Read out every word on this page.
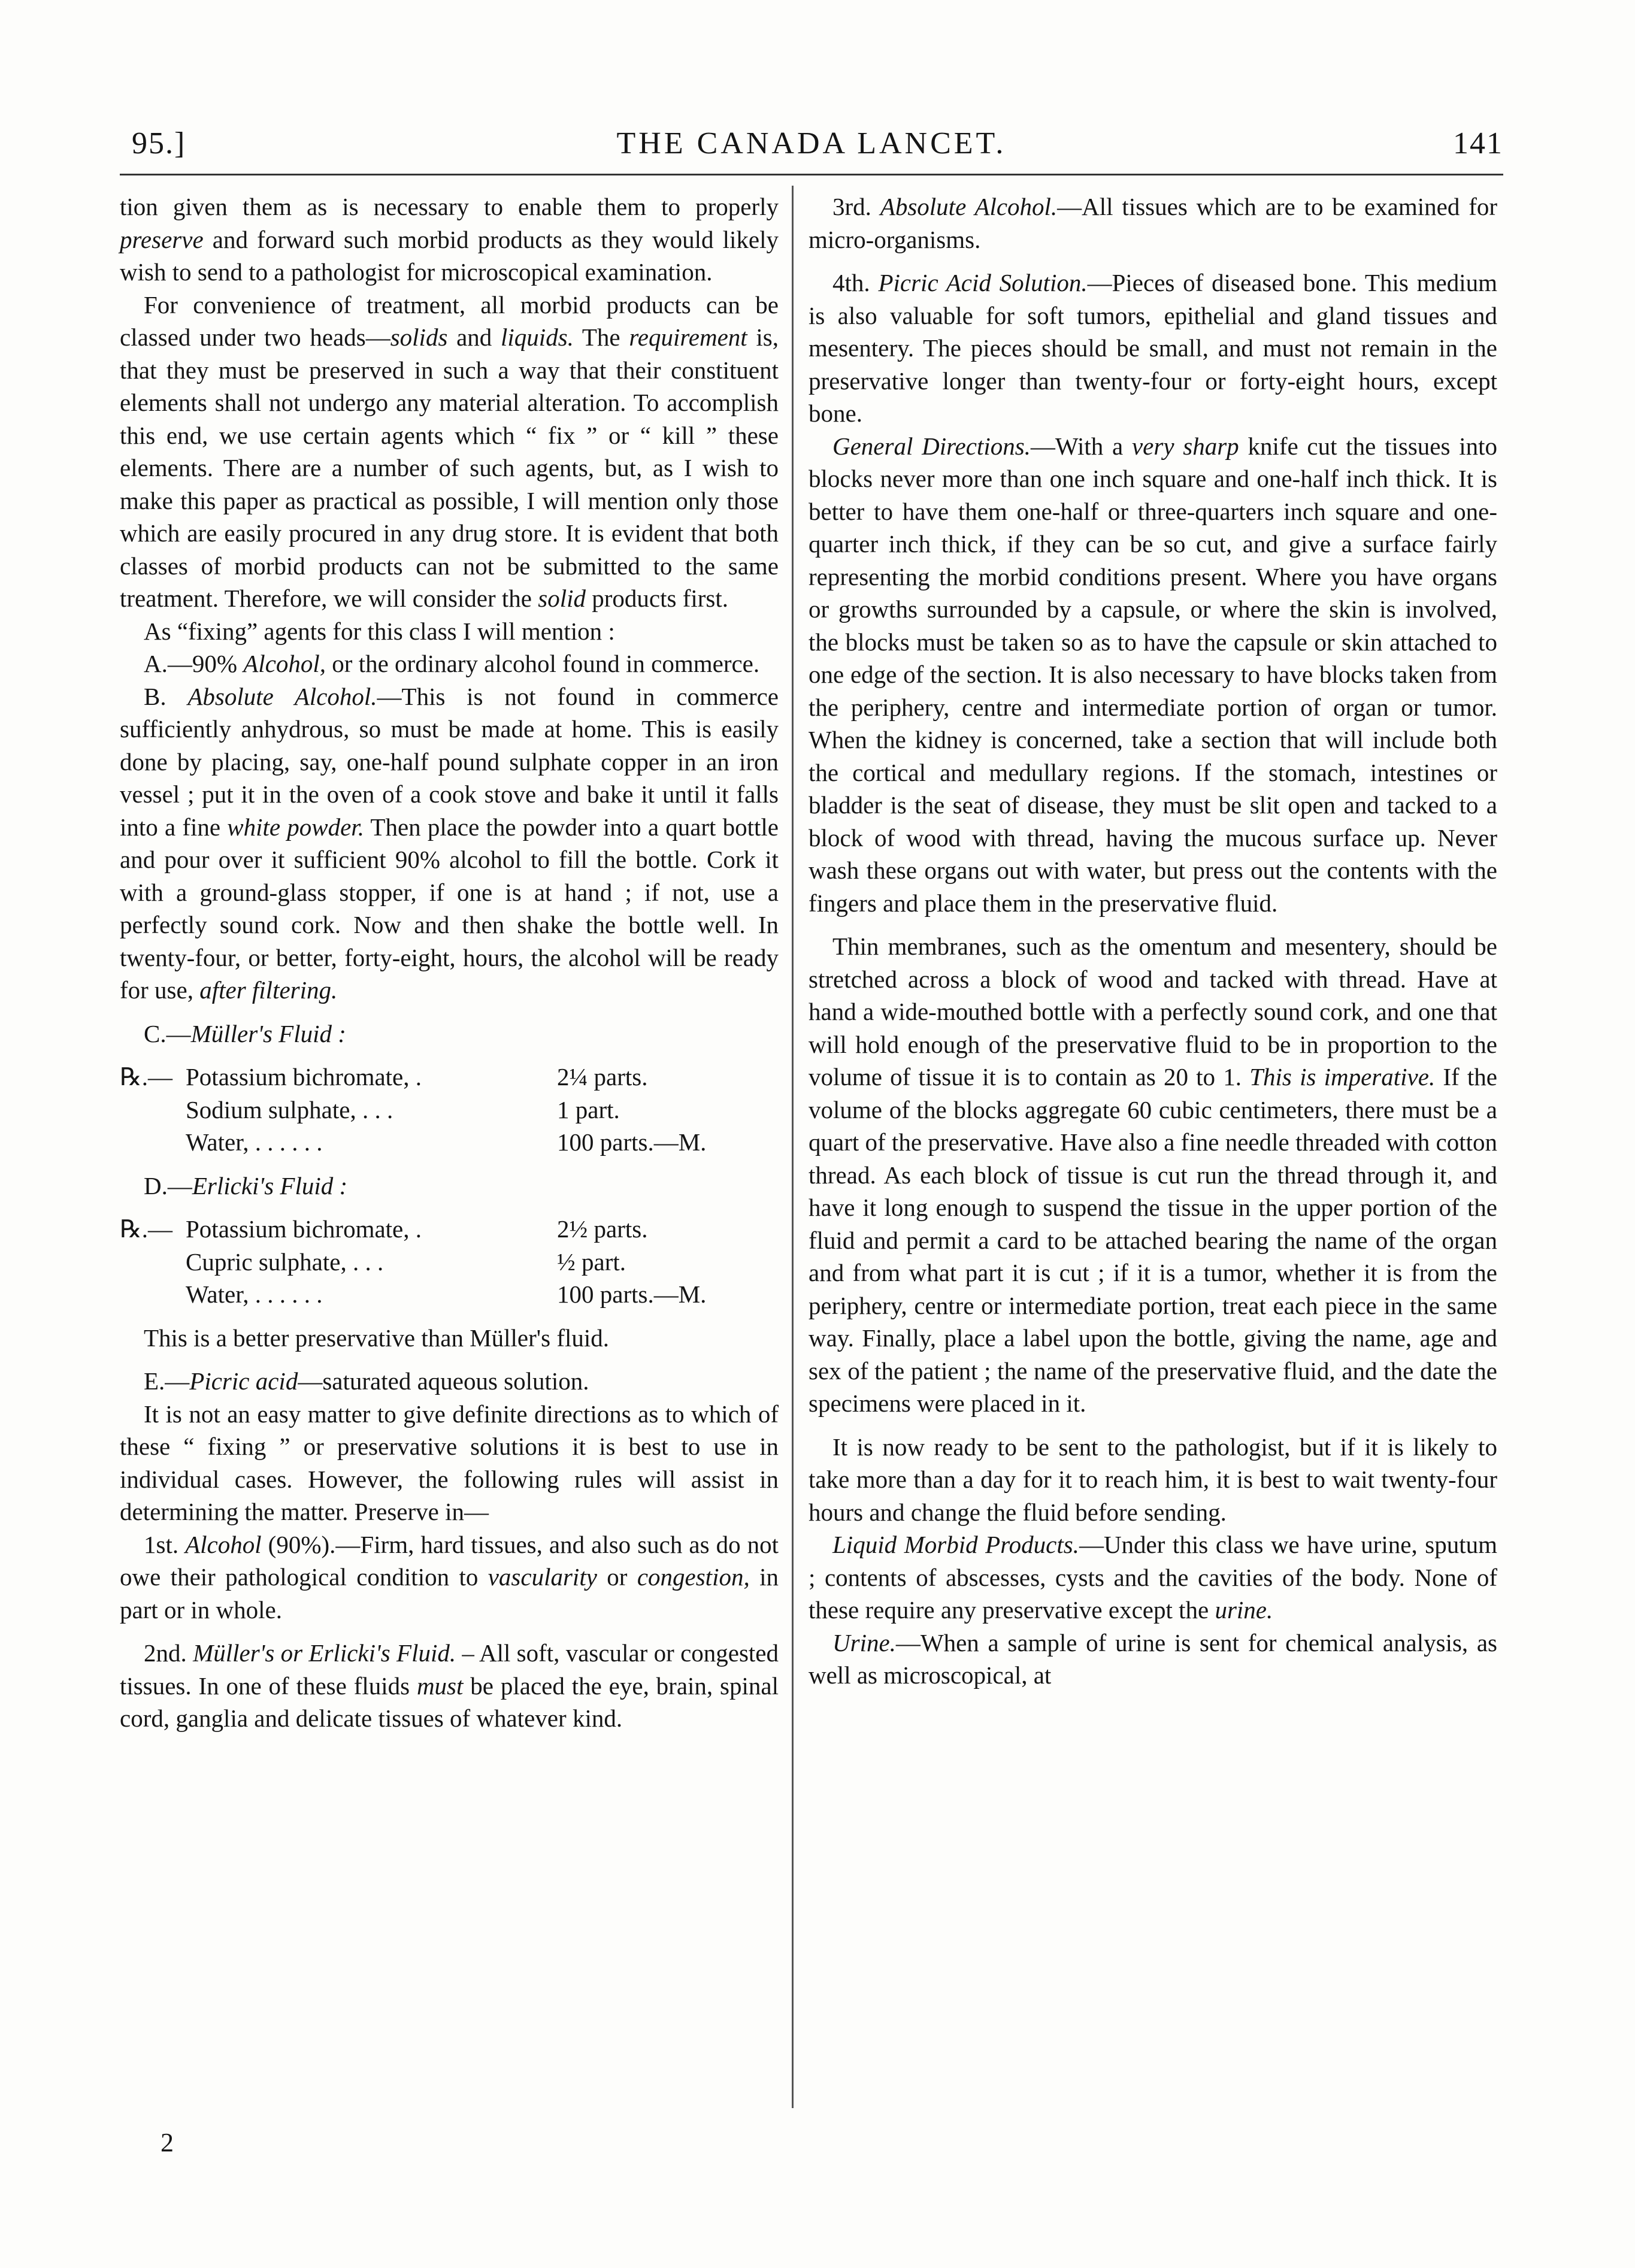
95.]	THE CANADA LANCET.	141

tion given them as is necessary to enable them to properly preserve and forward such morbid products as they would likely wish to send to a pathologist for microscopical examination.

For convenience of treatment, all morbid products can be classed under two heads—solids and liquids. The requirement is, that they must be preserved in such a way that their constituent elements shall not undergo any material alteration. To accomplish this end, we use certain agents which “ fix ” or “ kill ” these elements. There are a number of such agents, but, as I wish to make this paper as practical as possible, I will mention only those which are easily procured in any drug store. It is evident that both classes of morbid products can not be submitted to the same treatment. Therefore, we will consider the solid products first.

As “fixing” agents for this class I will mention :

A.—90% Alcohol, or the ordinary alcohol found in commerce.

B. Absolute Alcohol.—This is not found in commerce sufficiently anhydrous, so must be made at home. This is easily done by placing, say, one-half pound sulphate copper in an iron vessel ; put it in the oven of a cook stove and bake it until it falls into a fine white powder. Then place the powder into a quart bottle and pour over it sufficient 90% alcohol to fill the bottle. Cork it with a ground-glass stopper, if one is at hand ; if not, use a perfectly sound cork. Now and then shake the bottle well. In twenty-four, or better, forty-eight, hours, the alcohol will be ready for use, after filtering.

C.—Müller's Fluid :

℞.— Potassium bichromate, .	2¼ parts.
Sodium sulphate, . . .	1 part.
Water, . . . . . .	100 parts.—M.

D.—Erlicki's Fluid :

℞.— Potassium bichromate, .	2½ parts.
Cupric sulphate, . . .	½ part.
Water, . . . . . .	100 parts.—M.

This is a better preservative than Müller's fluid.

E.—Picric acid—saturated aqueous solution.

It is not an easy matter to give definite directions as to which of these “ fixing ” or preservative solutions it is best to use in individual cases. However, the following rules will assist in determining the matter. Preserve in—

1st. Alcohol (90%).—Firm, hard tissues, and also such as do not owe their pathological condition to vascularity or congestion, in part or in whole.

2nd. Müller's or Erlicki's Fluid. – All soft, vascular or congested tissues. In one of these fluids must be placed the eye, brain, spinal cord, ganglia and delicate tissues of whatever kind.

3rd. Absolute Alcohol.—All tissues which are to be examined for micro-organisms.

4th. Picric Acid Solution.—Pieces of diseased bone. This medium is also valuable for soft tumors, epithelial and gland tissues and mesentery. The pieces should be small, and must not remain in the preservative longer than twenty-four or forty-eight hours, except bone.

General Directions.—With a very sharp knife cut the tissues into blocks never more than one inch square and one-half inch thick. It is better to have them one-half or three-quarters inch square and one-quarter inch thick, if they can be so cut, and give a surface fairly representing the morbid conditions present. Where you have organs or growths surrounded by a capsule, or where the skin is involved, the blocks must be taken so as to have the capsule or skin attached to one edge of the section. It is also necessary to have blocks taken from the periphery, centre and intermediate portion of organ or tumor. When the kidney is concerned, take a section that will include both the cortical and medullary regions. If the stomach, intestines or bladder is the seat of disease, they must be slit open and tacked to a block of wood with thread, having the mucous surface up. Never wash these organs out with water, but press out the contents with the fingers and place them in the preservative fluid.

Thin membranes, such as the omentum and mesentery, should be stretched across a block of wood and tacked with thread. Have at hand a wide-mouthed bottle with a perfectly sound cork, and one that will hold enough of the preservative fluid to be in proportion to the volume of tissue it is to contain as 20 to 1. This is imperative. If the volume of the blocks aggregate 60 cubic centimeters, there must be a quart of the preservative. Have also a fine needle threaded with cotton thread. As each block of tissue is cut run the thread through it, and have it long enough to suspend the tissue in the upper portion of the fluid and permit a card to be attached bearing the name of the organ and from what part it is cut ; if it is a tumor, whether it is from the periphery, centre or intermediate portion, treat each piece in the same way. Finally, place a label upon the bottle, giving the name, age and sex of the patient ; the name of the preservative fluid, and the date the specimens were placed in it.

It is now ready to be sent to the pathologist, but if it is likely to take more than a day for it to reach him, it is best to wait twenty-four hours and change the fluid before sending.

Liquid Morbid Products.—Under this class we have urine, sputum ; contents of abscesses, cysts and the cavities of the body. None of these require any preservative except the urine.

Urine.—When a sample of urine is sent for chemical analysis, as well as microscopical, at

2
